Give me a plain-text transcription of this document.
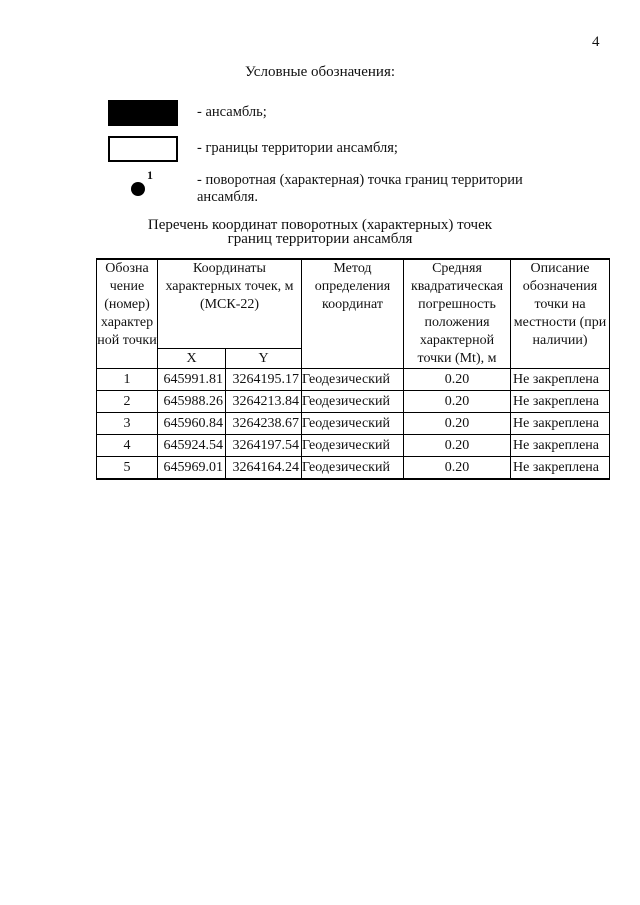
4
Условные обозначения:
- ансамбль;
- границы территории ансамбля;
1	- поворотная (характерная) точка границ территории ансамбля.
Перечень координат поворотных (характерных) точек
границ территории ансамбля
Обозна чение (номер) характер ной точки	Координаты характерных точек, м (МСК-22)		Метод определения координат	Средняя квадратическая погрешность положения характерной точки (Mt), м	Описание обозначения точки на местности (при наличии)
	X	Y			
1	645991.81	3264195.17	Геодезический	0.20	Не закреплена
2	645988.26	3264213.84	Геодезический	0.20	Не закреплена
3	645960.84	3264238.67	Геодезический	0.20	Не закреплена
4	645924.54	3264197.54	Геодезический	0.20	Не закреплена
5	645969.01	3264164.24	Геодезический	0.20	Не закреплена
